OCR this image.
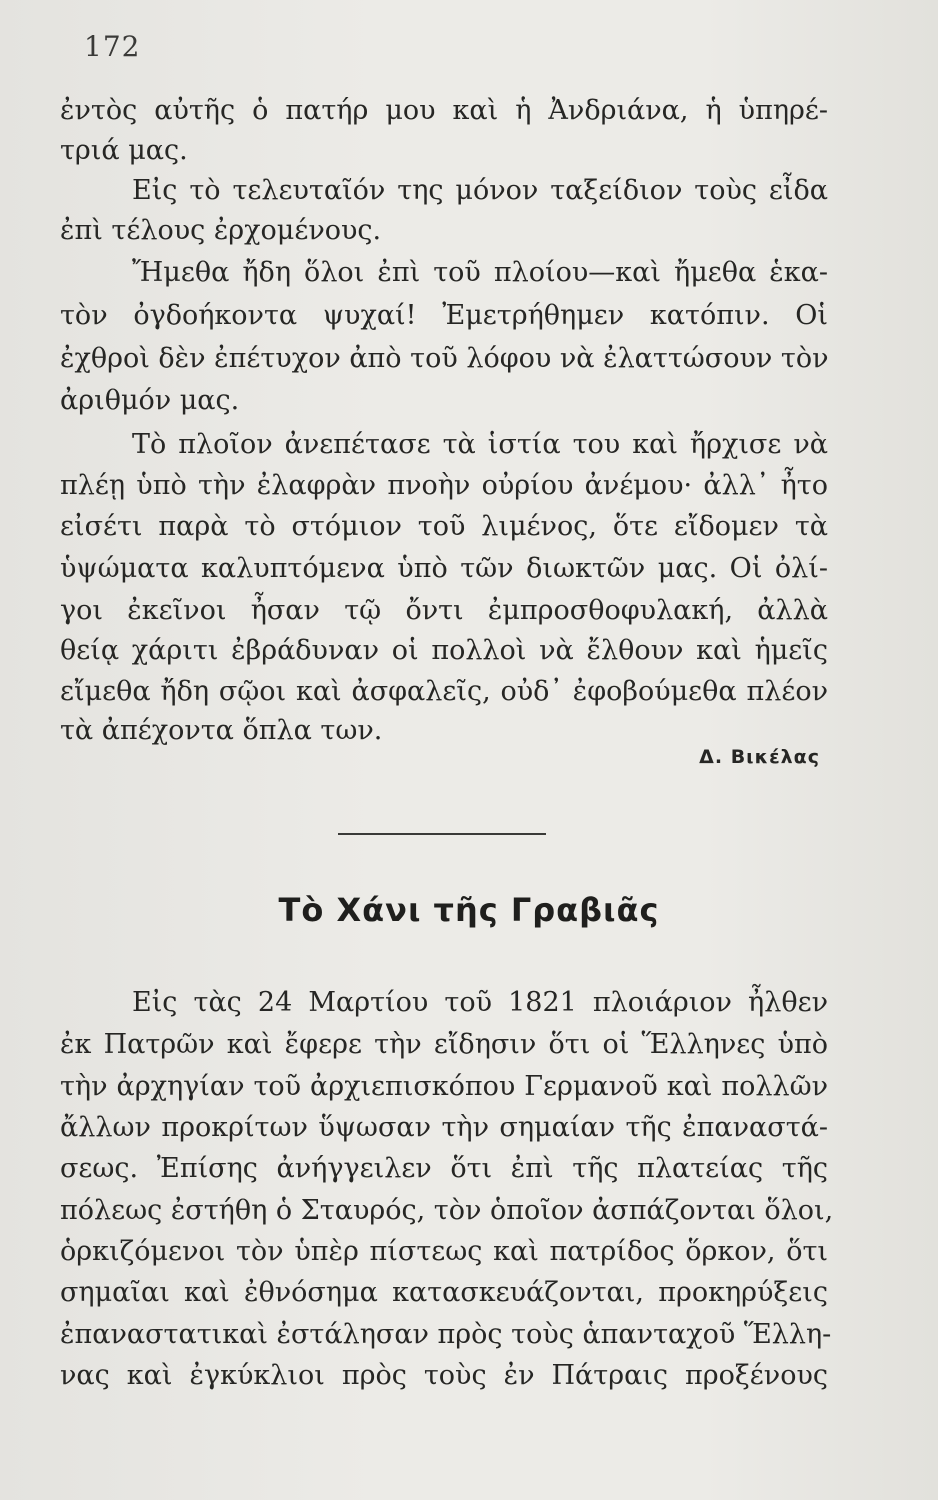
172
ἐντὸς αὐτῆς ὁ πατήρ μου καὶ ἡ Ἀνδριάνα, ἡ ὑπηρέ-
τριά μας.
Εἰς τὸ τελευταῖόν της μόνον ταξείδιον τοὺς εἶδα
ἐπὶ τέλους ἐρχομένους.
Ἤμεθα ἤδη ὅλοι ἐπὶ τοῦ πλοίου—καὶ ἤμεθα ἑκα-
τὸν ὀγδοήκοντα ψυχαί! Ἐμετρήθημεν κατόπιν. Οἱ
ἐχθροὶ δὲν ἐπέτυχον ἀπὸ τοῦ λόφου νὰ ἐλαττώσουν τὸν
ἀριθμόν μας.
Τὸ πλοῖον ἀνεπέτασε τὰ ἱστία του καὶ ἤρχισε νὰ
πλέῃ ὑπὸ τὴν ἐλαφρὰν πνοὴν οὐρίου ἀνέμου· ἀλλ᾽ ἦτο
εἰσέτι παρὰ τὸ στόμιον τοῦ λιμένος, ὅτε εἴδομεν τὰ
ὑψώματα καλυπτόμενα ὑπὸ τῶν διωκτῶν μας. Οἱ ὀλί-
γοι ἐκεῖνοι ἦσαν τῷ ὄντι ἐμπροσθοφυλακή, ἀλλὰ
θείᾳ χάριτι ἐβράδυναν οἱ πολλοὶ νὰ ἔλθουν καὶ ἡμεῖς
εἴμεθα ἤδη σῷοι καὶ ἀσφαλεῖς, οὐδ᾽ ἐφοβούμεθα πλέον
τὰ ἀπέχοντα ὅπλα των.
Δ. Βικέλας
Τὸ Χάνι τῆς Γραβιᾶς
Εἰς τὰς 24 Μαρτίου τοῦ 1821 πλοιάριον ἦλθεν
ἐκ Πατρῶν καὶ ἔφερε τὴν εἴδησιν ὅτι οἱ Ἕλληνες ὑπὸ
τὴν ἀρχηγίαν τοῦ ἀρχιεπισκόπου Γερμανοῦ καὶ πολλῶν
ἄλλων προκρίτων ὕψωσαν τὴν σημαίαν τῆς ἐπαναστά-
σεως. Ἐπίσης ἀνήγγειλεν ὅτι ἐπὶ τῆς πλατείας τῆς
πόλεως ἐστήθη ὁ Σταυρός, τὸν ὁποῖον ἀσπάζονται ὅλοι,
ὁρκιζόμενοι τὸν ὑπὲρ πίστεως καὶ πατρίδος ὅρκον, ὅτι
σημαῖαι καὶ ἐθνόσημα κατασκευάζονται, προκηρύξεις
ἐπαναστατικαὶ ἐστάλησαν πρὸς τοὺς ἁπανταχοῦ Ἕλλη-
νας καὶ ἐγκύκλιοι πρὸς τοὺς ἐν Πάτραις προξένους
